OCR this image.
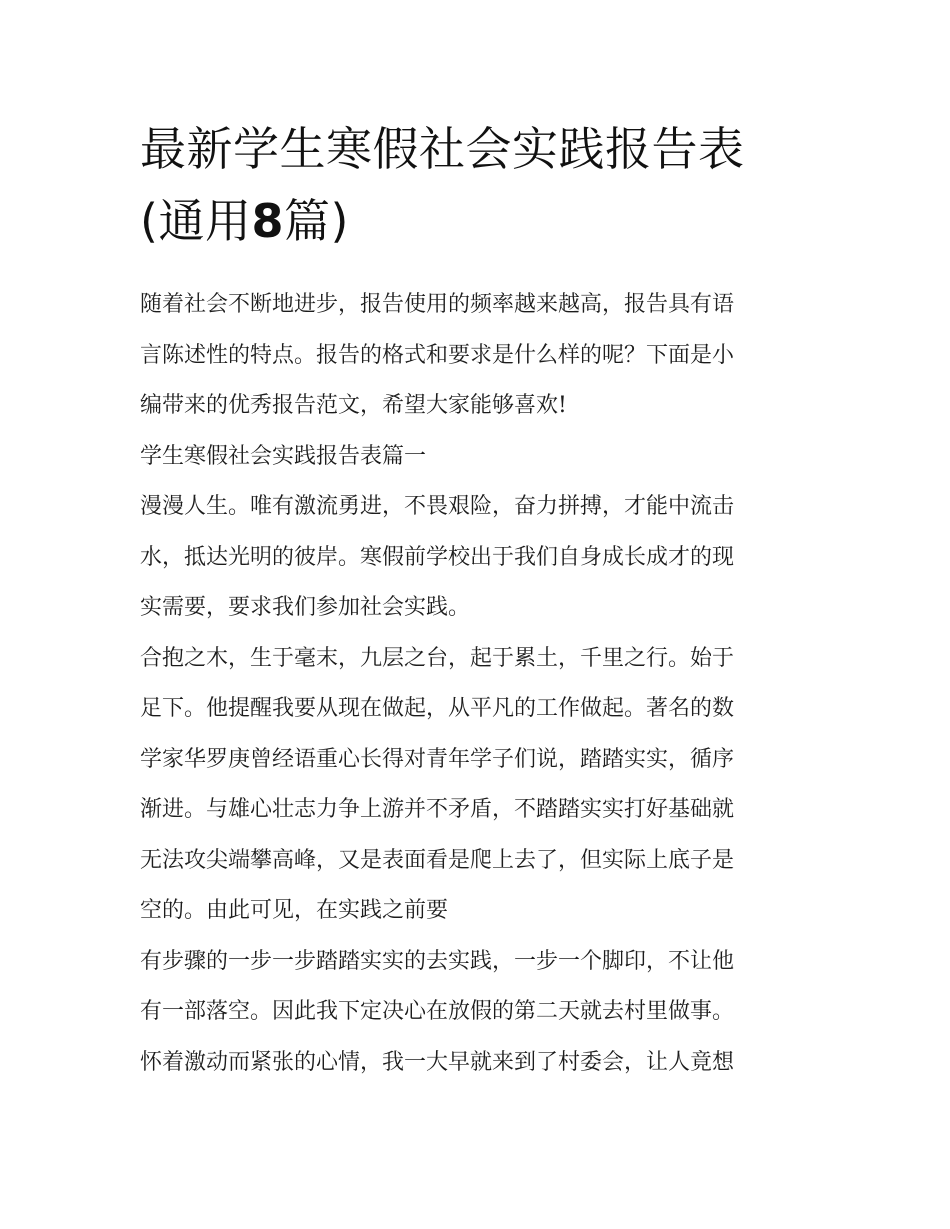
最新学生寒假社会实践报告表
(通用8篇)

随着社会不断地进步，报告使用的频率越来越高，报告具有语
言陈述性的特点。报告的格式和要求是什么样的呢？下面是小
编带来的优秀报告范文，希望大家能够喜欢!

学生寒假社会实践报告表篇一

漫漫人生。唯有激流勇进，不畏艰险，奋力拼搏，才能中流击
水，抵达光明的彼岸。寒假前学校出于我们自身成长成才的现
实需要，要求我们参加社会实践。

合抱之木，生于毫末，九层之台，起于累土，千里之行。始于
足下。他提醒我要从现在做起，从平凡的工作做起。著名的数
学家华罗庚曾经语重心长得对青年学子们说，踏踏实实，循序
渐进。与雄心壮志力争上游并不矛盾，不踏踏实实打好基础就
无法攻尖端攀高峰，又是表面看是爬上去了，但实际上底子是
空的。由此可见，在实践之前要

有步骤的一步一步踏踏实实的去实践，一步一个脚印，不让他
有一部落空。因此我下定决心在放假的第二天就去村里做事。
怀着激动而紧张的心情，我一大早就来到了村委会，让人竟想
